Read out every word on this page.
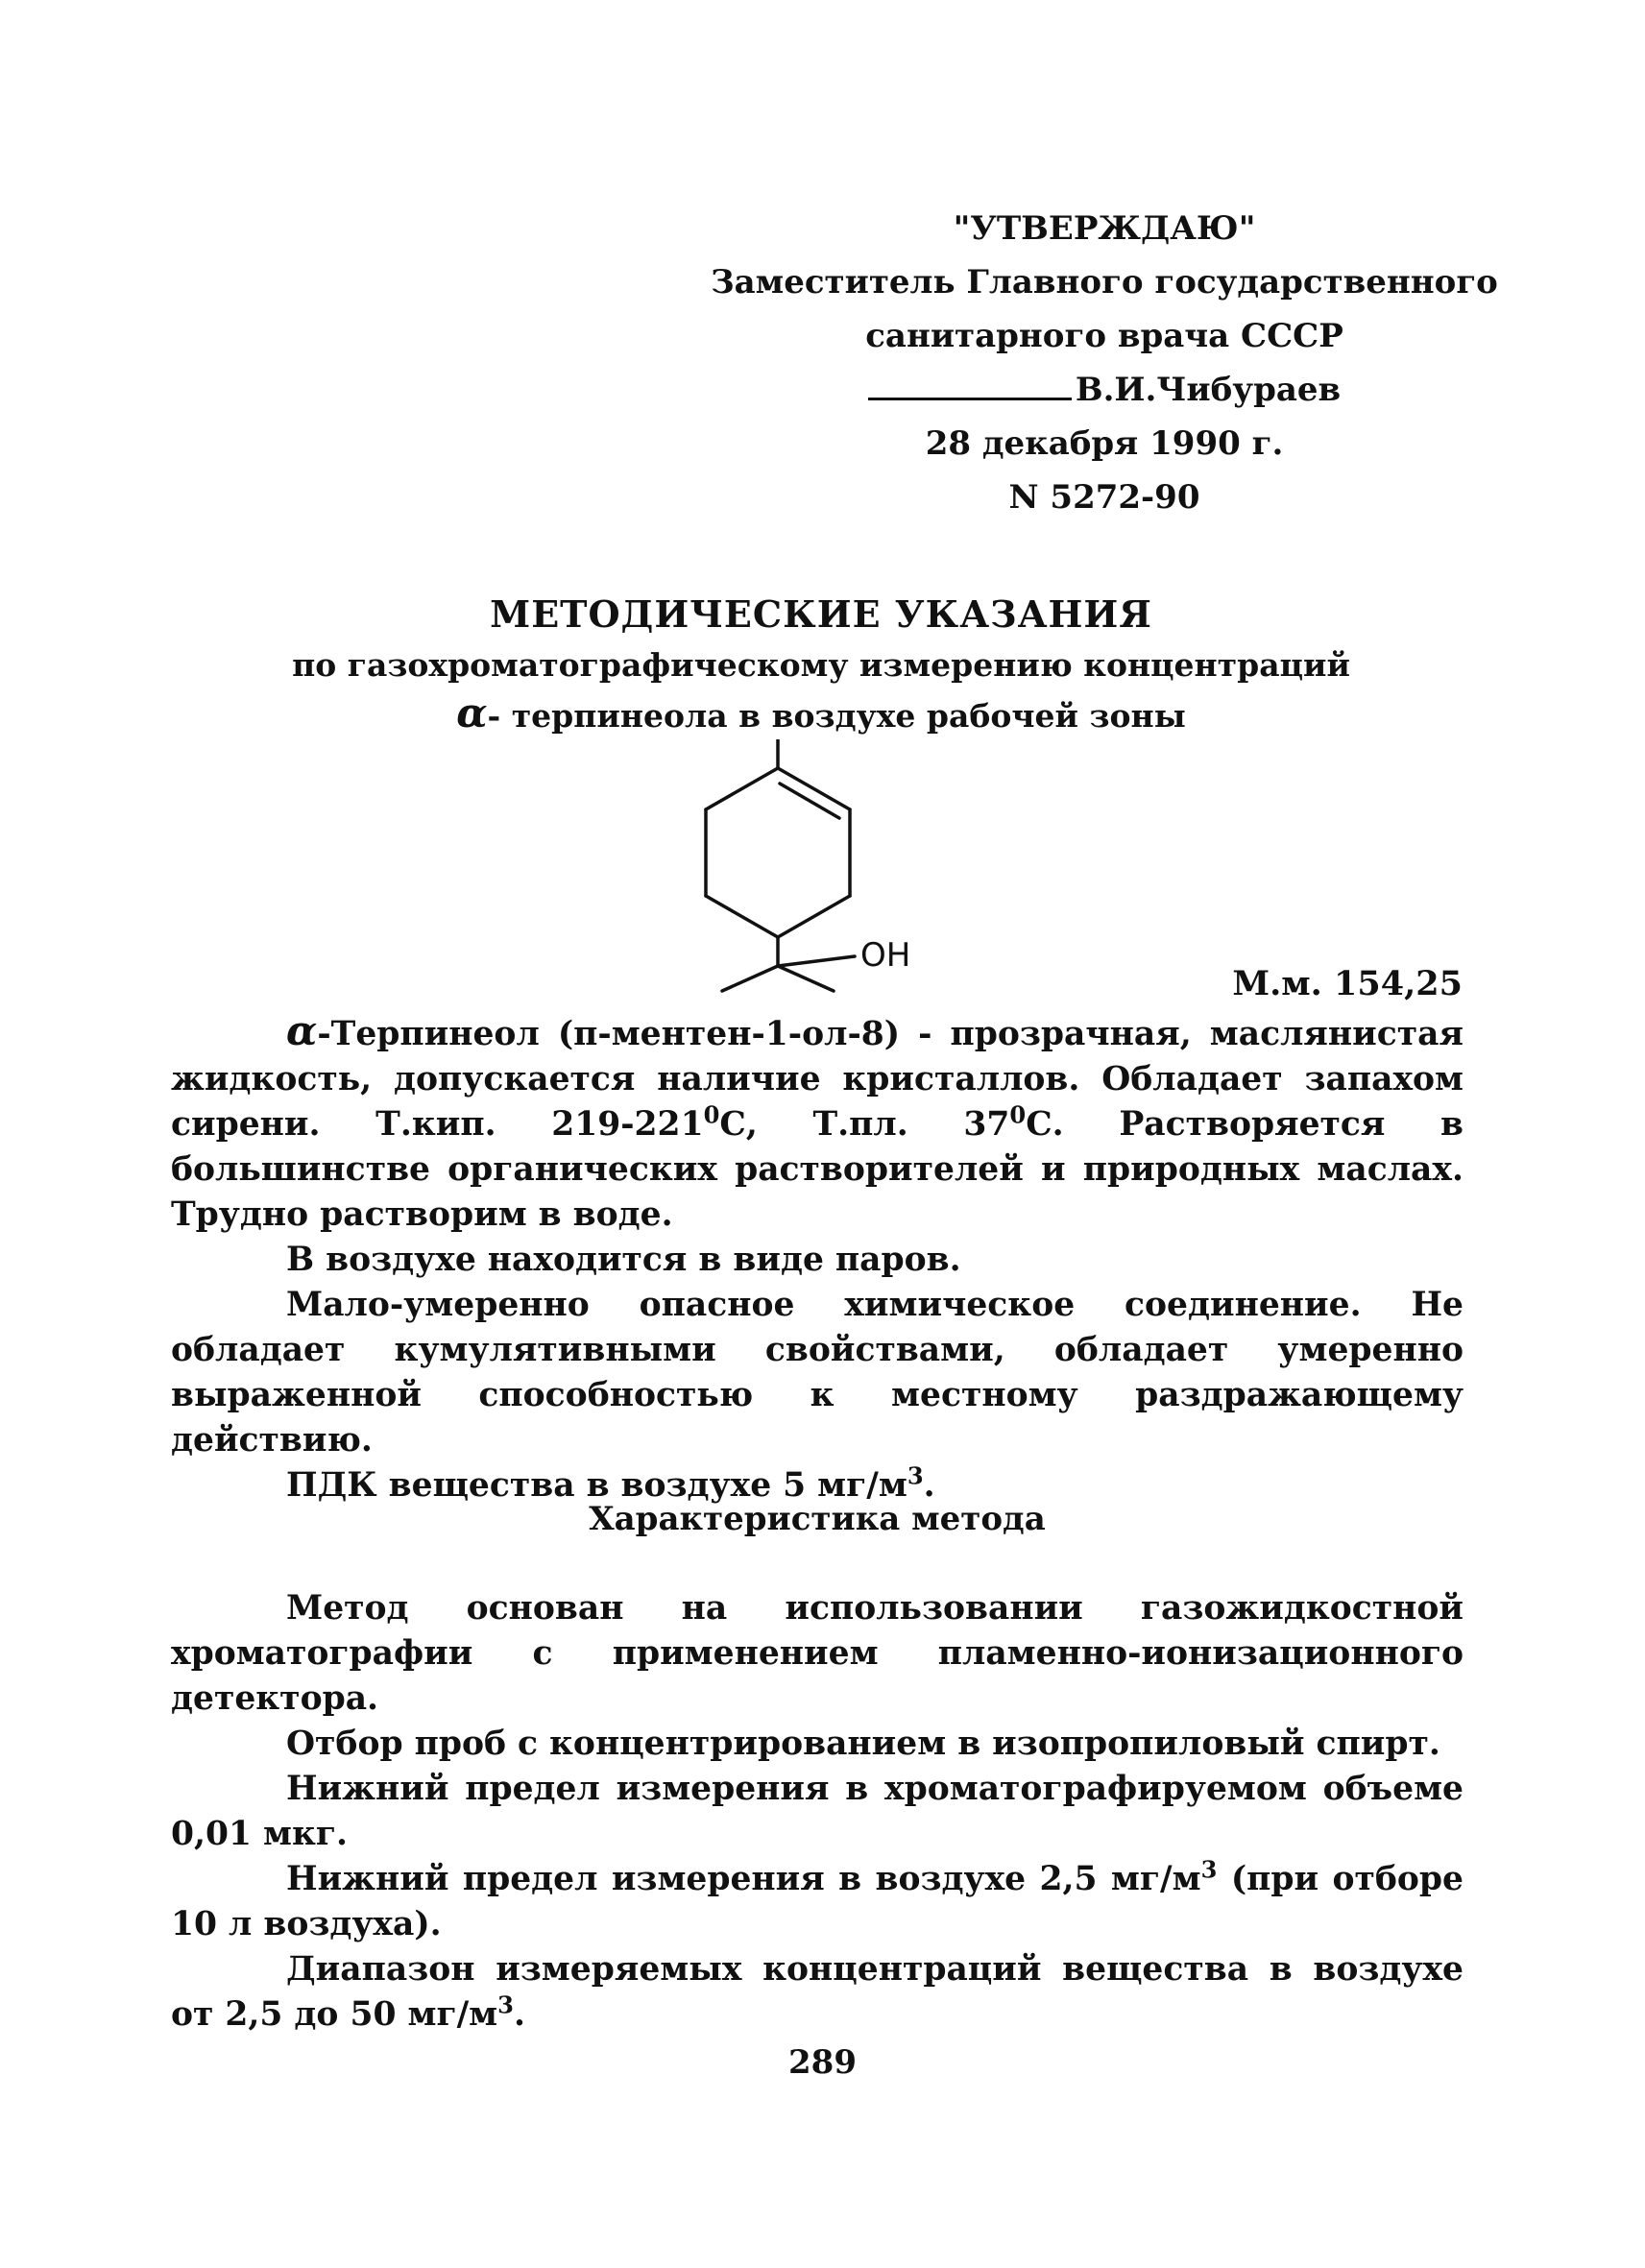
"УТВЕРЖДАЮ"
Заместитель Главного государственного
санитарного врача СССР
В.И.Чибураев
28 декабря 1990 г.
N 5272-90
МЕТОДИЧЕСКИЕ УКАЗАНИЯ
по газохроматографическому измерению концентраций
α- терпинеола в воздухе рабочей зоны
OH
М.м. 154,25

α-Терпинеол (п-ментен-1-ол-8) - прозрачная, маслянистая жидкость, допускается наличие кристаллов. Обладает запахом сирени. Т.кип. $219-221^0С$, Т.пл. $37^0С$. Растворяется в большинстве органических растворителей и природных маслах. Трудно растворим в воде.

В воздухе находится в виде паров.

Мало-умеренно опасное химическое соединение. Не обладает кумулятивными свойствами, обладает умеренно выраженной способностью к местному раздражающему действию.

ПДК вещества в воздухе 5 $мг/м^3$.

Характеристика метода

Метод основан на использовании газожидкостной хроматографии с применением пламенно-ионизационного детектора.

Отбор проб с концентрированием в изопропиловый спирт.

Нижний предел измерения в хроматографируемом объеме 0,01 мкг.

Нижний предел измерения в воздухе 2,5 $мг/м^3$ (при отборе 10 л воздуха).

Диапазон измеряемых концентраций вещества в воздухе от 2,5 до 50 $мг/м^3$.

289
